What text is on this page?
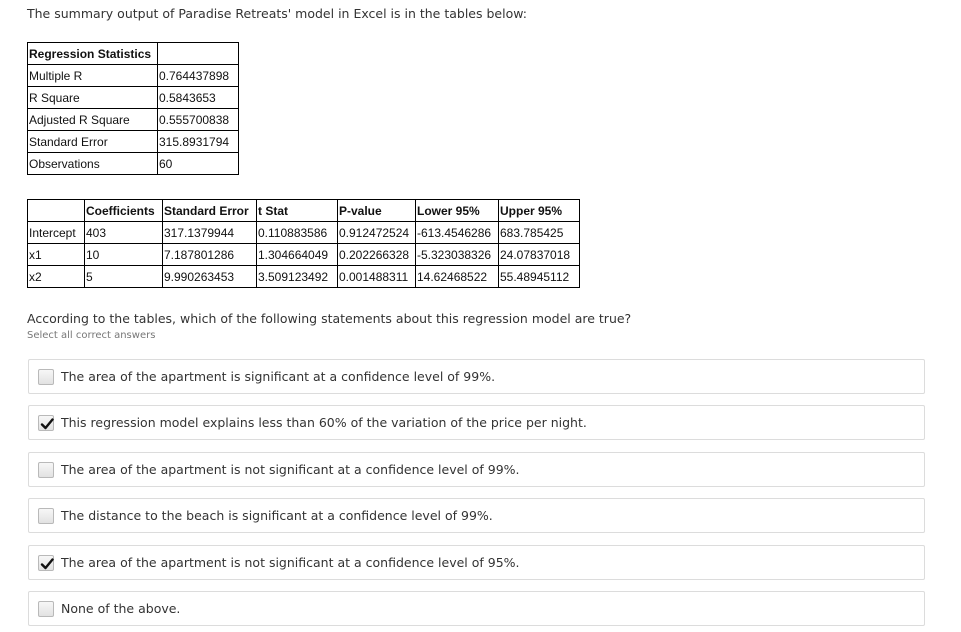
The summary output of Paradise Retreats' model in Excel is in the tables below:
Regression Statistics	
Multiple R	0.764437898
R Square	0.5843653
Adjusted R Square	0.555700838
Standard Error	315.8931794
Observations	60
	Coefficients	Standard Error	t Stat	P-value	Lower 95%	Upper 95%
Intercept	403	317.1379944	0.110883586	0.912472524	-613.4546286	683.785425
x1	10	7.187801286	1.304664049	0.202266328	-5.323038326	24.07837018
x2	5	9.990263453	3.509123492	0.001488311	14.62468522	55.48945112
According to the tables, which of the following statements about this regression model are true?
Select all correct answers
The area of the apartment is significant at a confidence level of 99%.
This regression model explains less than 60% of the variation of the price per night.
The area of the apartment is not significant at a confidence level of 99%.
The distance to the beach is significant at a confidence level of 99%.
The area of the apartment is not significant at a confidence level of 95%.
None of the above.
